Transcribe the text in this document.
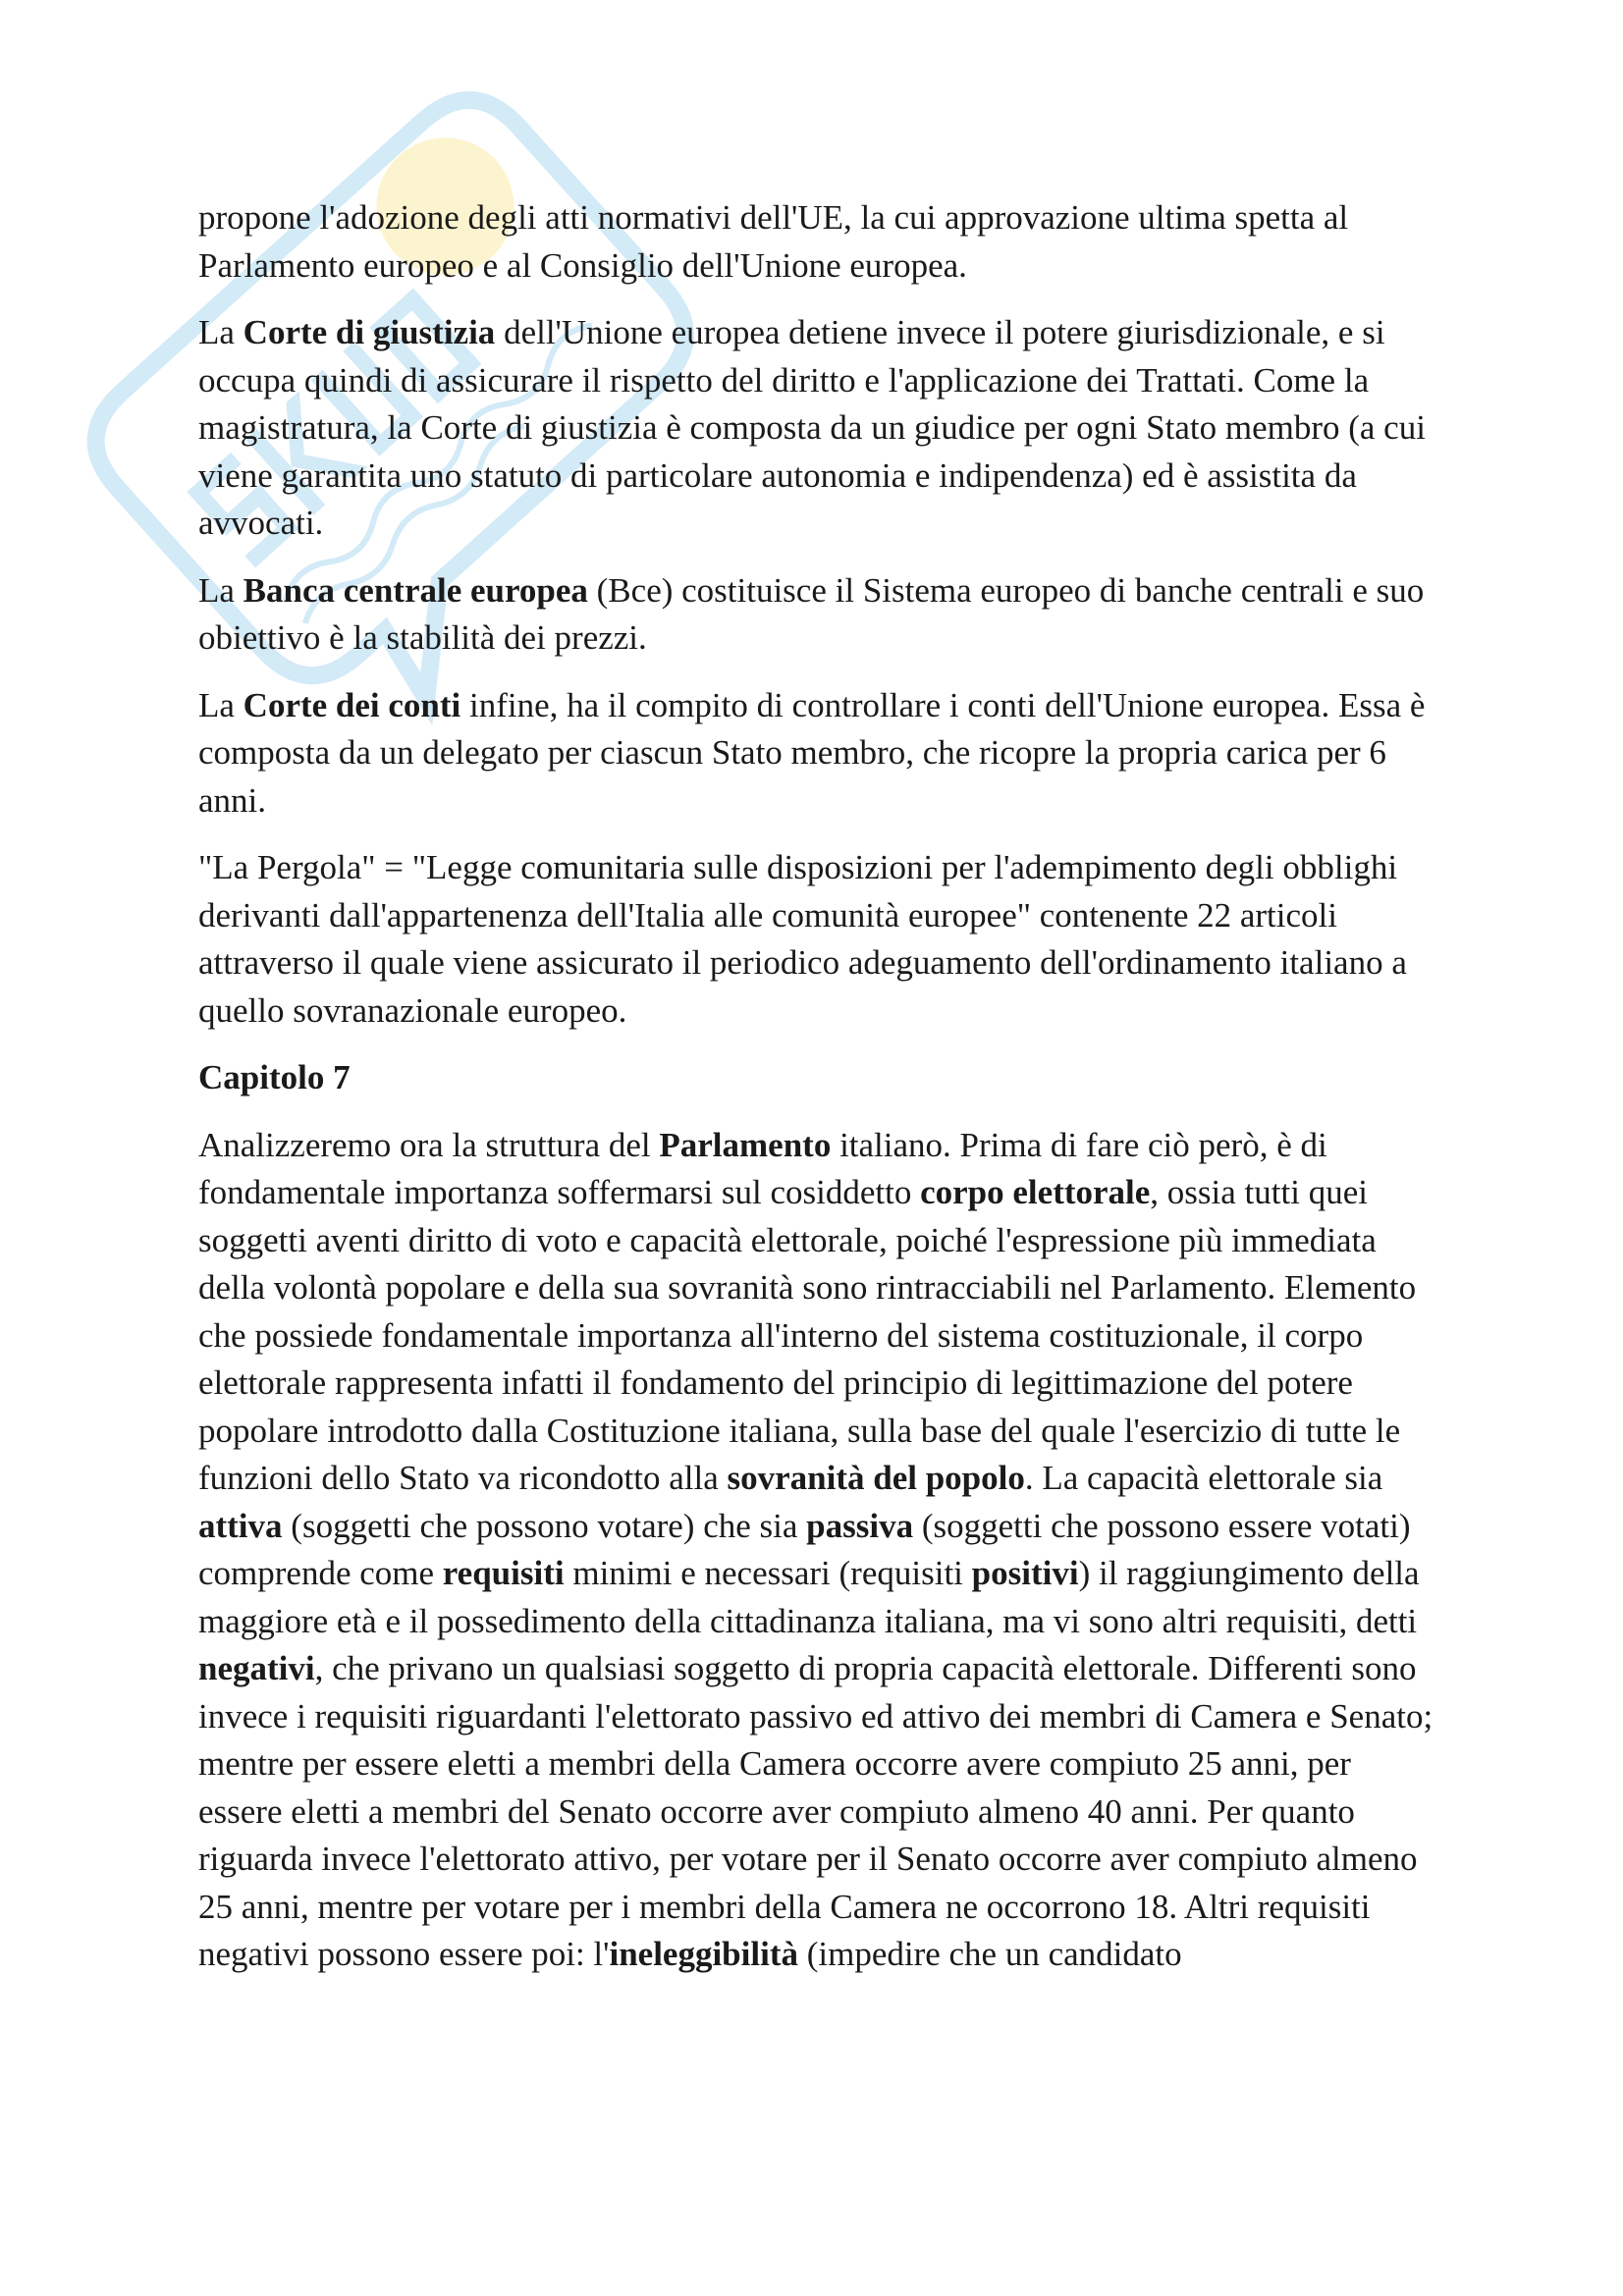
propone l'adozione degli atti normativi dell'UE, la cui approvazione ultima spetta al Parlamento europeo e al Consiglio dell'Unione europea.

La Corte di giustizia dell'Unione europea detiene invece il potere giurisdizionale, e si occupa quindi di assicurare il rispetto del diritto e l'applicazione dei Trattati. Come la magistratura, la Corte di giustizia è composta da un giudice per ogni Stato membro (a cui viene garantita uno statuto di particolare autonomia e indipendenza) ed è assistita da avvocati.

La Banca centrale europea (Bce) costituisce il Sistema europeo di banche centrali e suo obiettivo è la stabilità dei prezzi.

La Corte dei conti infine, ha il compito di controllare i conti dell'Unione europea. Essa è composta da un delegato per ciascun Stato membro, che ricopre la propria carica per 6 anni.

"La Pergola" = "Legge comunitaria sulle disposizioni per l'adempimento degli obblighi derivanti dall'appartenenza dell'Italia alle comunità europee" contenente 22 articoli attraverso il quale viene assicurato il periodico adeguamento dell'ordinamento italiano a quello sovranazionale europeo.

Capitolo 7

Analizzeremo ora la struttura del Parlamento italiano. Prima di fare ciò però, è di fondamentale importanza soffermarsi sul cosiddetto corpo elettorale, ossia tutti quei soggetti aventi diritto di voto e capacità elettorale, poiché l'espressione più immediata della volontà popolare e della sua sovranità sono rintracciabili nel Parlamento. Elemento che possiede fondamentale importanza all'interno del sistema costituzionale, il corpo elettorale rappresenta infatti il fondamento del principio di legittimazione del potere popolare introdotto dalla Costituzione italiana, sulla base del quale l'esercizio di tutte le funzioni dello Stato va ricondotto alla sovranità del popolo. La capacità elettorale sia attiva (soggetti che possono votare) che sia passiva (soggetti che possono essere votati) comprende come requisiti minimi e necessari (requisiti positivi) il raggiungimento della maggiore età e il possedimento della cittadinanza italiana, ma vi sono altri requisiti, detti negativi, che privano un qualsiasi soggetto di propria capacità elettorale. Differenti sono invece i requisiti riguardanti l'elettorato passivo ed attivo dei membri di Camera e Senato; mentre per essere eletti a membri della Camera occorre avere compiuto 25 anni, per essere eletti a membri del Senato occorre aver compiuto almeno 40 anni. Per quanto riguarda invece l'elettorato attivo, per votare per il Senato occorre aver compiuto almeno 25 anni, mentre per votare per i membri della Camera ne occorrono 18. Altri requisiti negativi possono essere poi: l'ineleggibilità (impedire che un candidato
